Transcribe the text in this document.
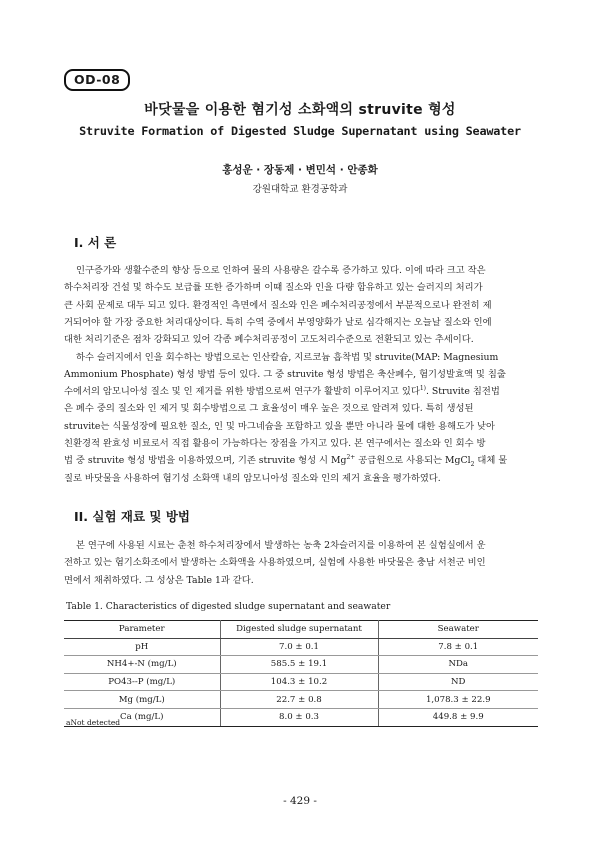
OD-08
바닷물을 이용한 혐기성 소화액의 struvite 형성
Struvite Formation of Digested Sludge Supernatant using Seawater
홍성운 · 장동제 · 변민석 · 안종화
강원대학교 환경공학과
I. 서 론

인구증가와 생활수준의 향상 등으로 인하여 물의 사용량은 갈수록 증가하고 있다. 이에 따라 크고 작은
하수처리장 건설 및 하수도 보급률 또한 증가하며 이때 질소와 인을 다량 함유하고 있는 슬러지의 처리가
큰 사회 문제로 대두 되고 있다. 환경적인 측면에서 질소와 인은 폐수처리공정에서 부분적으로나 완전히 제
거되어야 할 가장 중요한 처리대상이다. 특히 수역 중에서 부영양화가 날로 심각해지는 오늘날 질소와 인에
대한 처리기준은 점차 강화되고 있어 각종 폐수처리공정이 고도처리수준으로 전환되고 있는 추세이다.

하수 슬러지에서 인을 회수하는 방법으로는 인산칼슘, 지르코늄 흡착법 및 struvite(MAP: Magnesium
Ammonium Phosphate) 형성 방법 등이 있다. 그 중 struvite 형성 방법은 축산폐수, 혐기성발효액 및 침출
수에서의 암모니아성 질소 및 인 제거를 위한 방법으로써 연구가 활발히 이루어지고 있다$^{1)}$. Struvite 침전법
은 폐수 중의 질소와 인 제거 및 회수방법으로 그 효율성이 매우 높은 것으로 알려져 있다. 특히 생성된
struvite는 식물성장에 필요한 질소, 인 및 마그네슘을 포함하고 있을 뿐만 아니라 물에 대한 용해도가 낮아
친환경적 완효성 비료로서 직접 활용이 가능하다는 장점을 가지고 있다. 본 연구에서는 질소와 인 회수 방
법 중 struvite 형성 방법을 이용하였으며, 기존 struvite 형성 시 $Mg^{2+}$ 공급원으로 사용되는 MgCl$_2$ 대체 물
질로 바닷물을 사용하여 혐기성 소화액 내의 암모니아성 질소와 인의 제거 효율을 평가하였다.

II. 실험 재료 및 방법

본 연구에 사용된 시료는 춘천 하수처리장에서 발생하는 농축 2차슬러지를 이용하여 본 실험실에서 운
전하고 있는 혐기소화조에서 발생하는 소화액을 사용하였으며, 실험에 사용한 바닷물은 충남 서천군 비인
면에서 채취하였다. 그 성상은 Table 1과 같다.

Table 1. Characteristics of digested sludge supernatant and seawater
Parameter	Digested sludge supernatant	Seawater
pH	7.0 ± 0.1	7.8 ± 0.1
NH4+-N (mg/L)	585.5 ± 19.1	NDa
PO43--P (mg/L)	104.3 ± 10.2	ND
Mg (mg/L)	22.7 ± 0.8	1,078.3 ± 22.9
Ca (mg/L)	8.0 ± 0.3	449.8 ± 9.9
aNot detected
- 429 -
